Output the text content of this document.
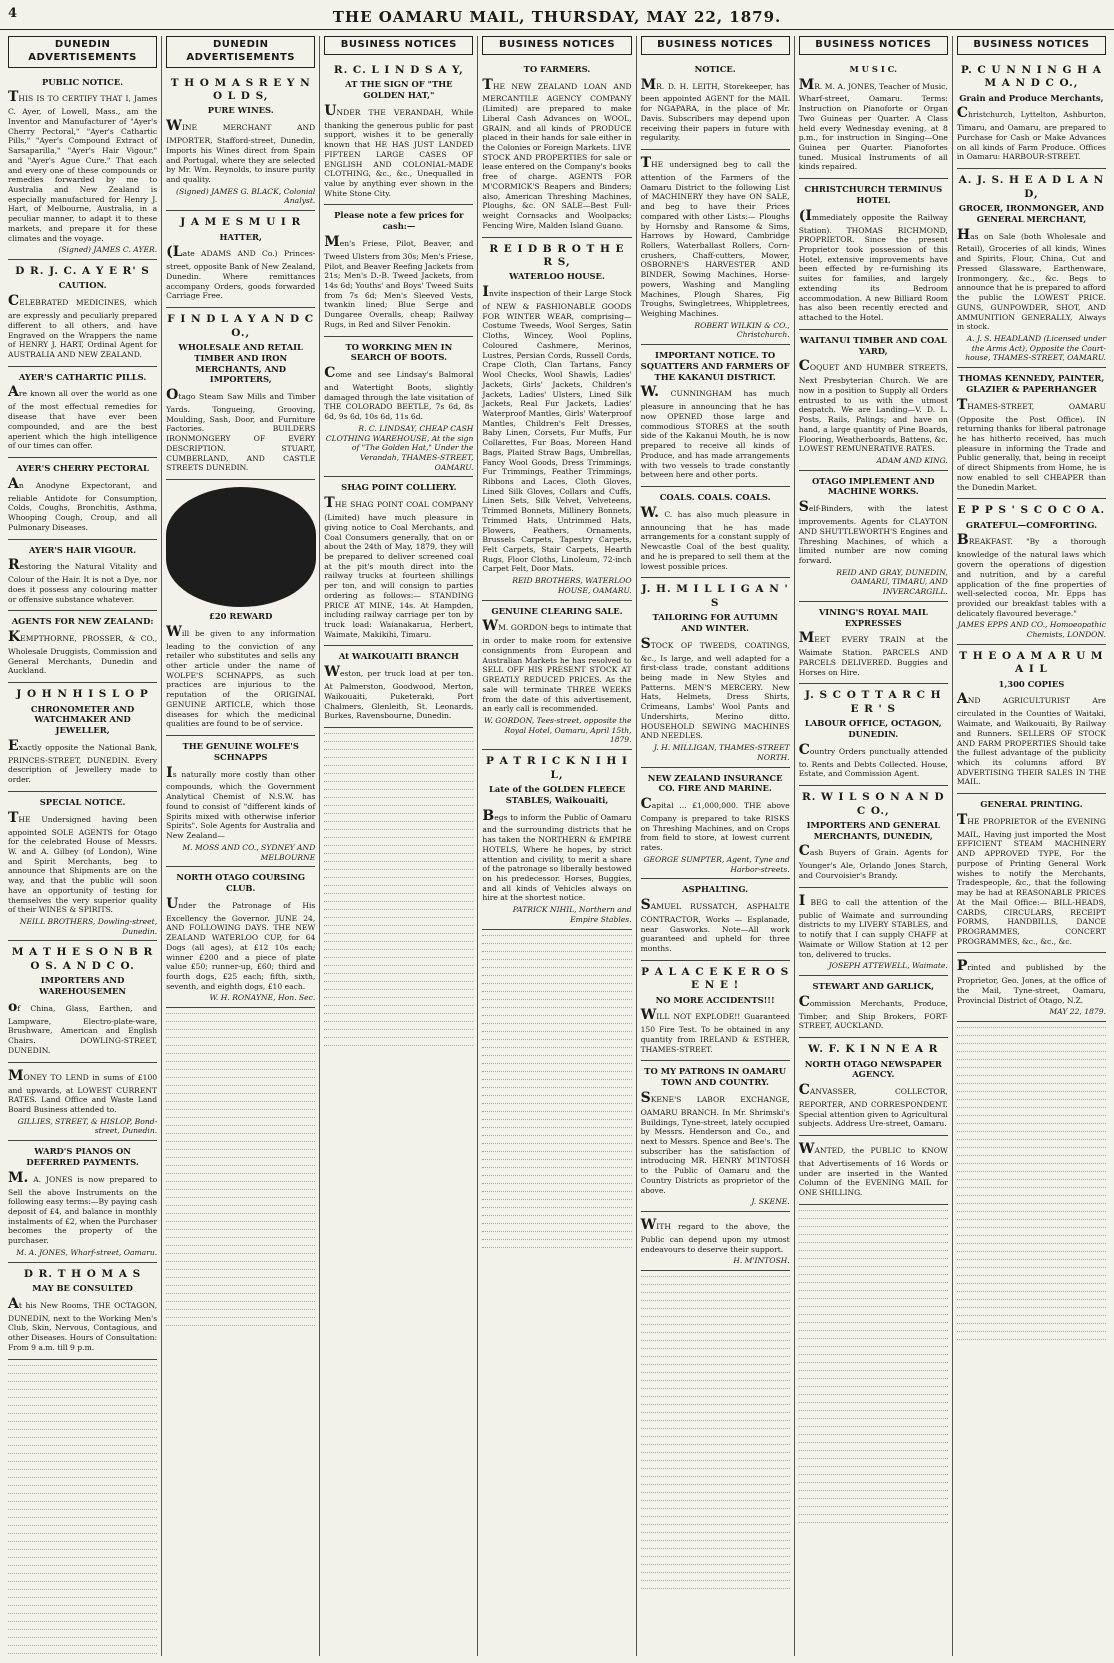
THE OAMARU MAIL, THURSDAY, MAY 22, 1879.
4
DUNEDIN ADVERTISEMENTS
PUBLIC NOTICE.

THIS IS TO CERTIFY THAT I, James C. Ayer, of Lowell, Mass., am the Inventor and Manufacturer of "Ayer's Cherry Pectoral," "Ayer's Cathartic Pills," "Ayer's Compound Extract of Sarsaparilla," "Ayer's Hair Vigour," and "Ayer's Ague Cure." That each and every one of these compounds or remedies forwarded by me to Australia and New Zealand is especially manufactured for Henry J. Hart, of Melbourne, Australia, in a peculiar manner, to adapt it to these markets, and prepare it for these climates and the voyage.

(Signed) JAMES C. AYER.
D R. J. C. A Y E R' S
CAUTION.

CELEBRATED MEDICINES, which are expressly and peculiarly prepared different to all others, and have Engraved on the Wrappers the name of HENRY J. HART, Ordinal Agent for AUSTRALIA AND NEW ZEALAND.

AYER'S CATHARTIC PILLS.

Are known all over the world as one of the most effectual remedies for disease that have ever been compounded, and are the best aperient which the high intelligence of our times can offer.

AYER'S CHERRY PECTORAL

An Anodyne Expectorant, and reliable Antidote for Consumption, Colds, Coughs, Bronchitis, Asthma, Whooping Cough, Croup, and all Pulmonary Diseases.

AYER'S HAIR VIGOUR.

Restoring the Natural Vitality and Colour of the Hair. It is not a Dye, nor does it possess any colouring matter or offensive substance whatever.

AGENTS FOR NEW ZEALAND:

KEMPTHORNE, PROSSER, & CO., Wholesale Druggists, Commission and General Merchants, Dunedin and Auckland.

J O H N H I S L O P
CHRONOMETER AND WATCHMAKER AND JEWELLER,

Exactly opposite the National Bank, PRINCES-STREET, DUNEDIN. Every description of Jewellery made to order.

SPECIAL NOTICE.

THE Undersigned having been appointed SOLE AGENTS for Otago for the celebrated House of Messrs. W. and A. Gilbey (of London), Wine and Spirit Merchants, beg to announce that Shipments are on the way, and that the public will soon have an opportunity of testing for themselves the very superior quality of their WINES & SPIRITS.

NEILL BROTHERS, Dowling-street, Dunedin.
M A T H E S O N B R O S. A N D C O.
IMPORTERS AND WAREHOUSEMEN

of China, Glass, Earthen, and Lampware, Electro-plate-ware, Brushware, American and English Chairs. DOWLING-STREET, DUNEDIN.

MONEY TO LEND in sums of £100 and upwards, at LOWEST CURRENT RATES. Land Office and Waste Land Board Business attended to.

GILLIES, STREET, & HISLOP, Bond-street, Dunedin.
WARD'S PIANOS ON DEFERRED PAYMENTS.

M. A. JONES is now prepared to Sell the above Instruments on the following easy terms:—By paying cash deposit of £4, and balance in monthly instalments of £2, when the Purchaser becomes the property of the purchaser.

M. A. JONES, Wharf-street, Oamaru.
D R. T H O M A S
MAY BE CONSULTED

At his New Rooms, THE OCTAGON, DUNEDIN, next to the Working Men's Club, Skin, Nervous, Contagious, and other Diseases. Hours of Consultation: From 9 a.m. till 9 p.m.

DUNEDIN ADVERTISEMENTS
T H O M A S R E Y N O L D S,
PURE WINES.

WINE MERCHANT AND IMPORTER, Stafford-street, Dunedin, Imports his Wines direct from Spain and Portugal, where they are selected by Mr. Wm. Reynolds, to insure purity and quality.

(Signed) JAMES G. BLACK, Colonial Analyst.
J A M E S M U I R
HATTER,

(Late ADAMS AND Co.) Princes-street, opposite Bank of New Zealand, Dunedin. Where remittances accompany Orders, goods forwarded Carriage Free.

F I N D L A Y A N D C O.,
WHOLESALE AND RETAIL TIMBER AND IRON MERCHANTS, AND IMPORTERS,

Otago Steam Saw Mills and Timber Yards. Tongueing, Grooving, Moulding, Sash, Door, and Furniture Factories. BUILDERS IRONMONGERY OF EVERY DESCRIPTION. STUART, CUMBERLAND, AND CASTLE STREETS DUNEDIN.

£20 REWARD

Will be given to any information leading to the conviction of any retailer who substitutes and sells any other article under the name of WOLFE'S SCHNAPPS, as such practices are injurious to the reputation of the ORIGINAL GENUINE ARTICLE, which those diseases for which the medicinal qualities are found to be of service.

THE GENUINE WOLFE'S SCHNAPPS

Is naturally more costly than other compounds, which the Government Analytical Chemist of N.S.W. has found to consist of "different kinds of Spirits mixed with otherwise inferior Spirits". Sole Agents for Australia and New Zealand—

M. MOSS AND CO., SYDNEY AND MELBOURNE
NORTH OTAGO COURSING CLUB.

Under the Patronage of His Excellency the Governor. JUNE 24, AND FOLLOWING DAYS. THE NEW ZEALAND WATERLOO CUP, for 64 Dogs (all ages), at £12 10s each; winner £200 and a piece of plate value £50; runner-up, £60; third and fourth dogs, £25 each; fifth, sixth, seventh, and eighth dogs, £10 each.

W. H. RONAYNE, Hon. Sec.
BUSINESS NOTICES
R. C. L I N D S A Y,
AT THE SIGN OF "THE GOLDEN HAT,"

UNDER THE VERANDAH, While thanking the generous public for past support, wishes it to be generally known that HE HAS JUST LANDED FIFTEEN LARGE CASES OF ENGLISH AND COLONIAL-MADE CLOTHING, &c., &c., Unequalled in value by anything ever shown in the White Stone City.

Please note a few prices for cash:—

Men's Friese, Pilot, Beaver, and Tweed Ulsters from 30s; Men's Friese, Pilot, and Beaver Reefing Jackets from 21s; Men's D.-B. Tweed Jackets, from 14s 6d; Youths' and Boys' Tweed Suits from 7s 6d; Men's Sleeved Vests, twankin lined; Blue Serge and Dungaree Overalls, cheap; Railway Rugs, in Red and Silver Fenokin.

TO WORKING MEN IN SEARCH OF BOOTS.

Come and see Lindsay's Balmoral and Watertight Boots, slightly damaged through the late visitation of THE COLORADO BEETLE, 7s 6d, 8s 6d, 9s 6d, 10s 6d, 11s 6d.

R. C. LINDSAY, CHEAP CASH CLOTHING WAREHOUSE, At the sign of "The Golden Hat," Under the Verandah, THAMES-STREET, OAMARU.
SHAG POINT COLLIERY.

THE SHAG POINT COAL COMPANY (Limited) have much pleasure in giving notice to Coal Merchants, and Coal Consumers generally, that on or about the 24th of May, 1879, they will be prepared to deliver screened coal at the pit's mouth direct into the railway trucks at fourteen shillings per ton, and will consign to parties ordering as follows:— STANDING PRICE AT MINE, 14s. At Hampden, including railway carriage per ton by truck load: Waianakarua, Herbert, Waimate, Makikihi, Timaru.

At WAIKOUAITI BRANCH

Weston, per truck load at per ton. At Palmerston, Goodwood, Merton, Waikouaiti, Puketeraki, Port Chalmers, Glenleith, St. Leonards, Burkes, Ravensbourne, Dunedin.

BUSINESS NOTICES
TO FARMERS.

THE NEW ZEALAND LOAN AND MERCANTILE AGENCY COMPANY (Limited) are prepared to make Liberal Cash Advances on WOOL, GRAIN, and all kinds of PRODUCE placed in their hands for sale either in the Colonies or Foreign Markets. LIVE STOCK AND PROPERTIES for sale or lease entered on the Company's books free of charge. AGENTS FOR M'CORMICK'S Reapers and Binders; also, American Threshing Machines, Ploughs, &c. ON SALE—Best Full-weight Cornsacks and Woolpacks; Fencing Wire, Malden Island Guano.

R E I D B R O T H E R S,
WATERLOO HOUSE.

Invite inspection of their Large Stock of NEW & FASHIONABLE GOODS FOR WINTER WEAR, comprising— Costume Tweeds, Wool Serges, Satin Cloths, Wincey, Wool Poplins, Coloured Cashmere, Merinos, Lustres, Persian Cords, Russell Cords, Crape Cloth, Clan Tartans, Fancy Wool Checks, Wool Shawls, Ladies' Jackets, Girls' Jackets, Children's Jackets, Ladies' Ulsters, Lined Silk Jackets, Real Fur Jackets, Ladies' Waterproof Mantles, Girls' Waterproof Mantles, Children's Felt Dresses, Baby Linen, Corsets, Fur Muffs, Fur Collarettes, Fur Boas, Moreen Hand Bags, Plaited Straw Bags, Umbrellas, Fancy Wool Goods, Dress Trimmings, Fur Trimmings, Feather Trimmings, Ribbons and Laces, Cloth Gloves, Lined Silk Gloves, Collars and Cuffs, Linen Sets, Silk Velvet, Velveteens, Trimmed Bonnets, Millinery Bonnets, Trimmed Hats, Untrimmed Hats, Flowers, Feathers, Ornaments, Brussels Carpets, Tapestry Carpets, Felt Carpets, Stair Carpets, Hearth Rugs, Floor Cloths, Linoleum, 72-inch Carpet Felt, Door Mats.

REID BROTHERS, WATERLOO HOUSE, OAMARU.
GENUINE CLEARING SALE.

WM. GORDON begs to intimate that in order to make room for extensive consignments from European and Australian Markets he has resolved to SELL OFF HIS PRESENT STOCK AT GREATLY REDUCED PRICES. As the sale will terminate THREE WEEKS from the date of this advertisement, an early call is recommended.

W. GORDON, Tees-street, opposite the Royal Hotel, Oamaru, April 15th, 1879.
P A T R I C K N I H I L,
Late of the GOLDEN FLEECE STABLES, Waikouaiti,

Begs to inform the Public of Oamaru and the surrounding districts that he has taken the NORTHERN & EMPIRE HOTELS, Where he hopes, by strict attention and civility, to merit a share of the patronage so liberally bestowed on his predecessor. Horses, Buggies, and all kinds of Vehicles always on hire at the shortest notice.

PATRICK NIHIL, Northern and Empire Stables.
BUSINESS NOTICES
NOTICE.

MR. D. H. LEITH, Storekeeper, has been appointed AGENT for the MAIL for NGAPARA, in the place of Mr. Davis. Subscribers may depend upon receiving their papers in future with regularity.

THE undersigned beg to call the attention of the Farmers of the Oamaru District to the following List of MACHINERY they have ON SALE, and beg to have their Prices compared with other Lists:— Ploughs by Hornsby and Ransome & Sims, Harrows by Howard, Cambridge Rollers, Waterballast Rollers, Corn-crushers, Chaff-cutters, Mower, OSBORNE'S HARVESTER AND BINDER, Sowing Machines, Horse-powers, Washing and Mangling Machines, Plough Shares, Fig Troughs, Swingletrees, Whippletrees, Weighing Machines.

ROBERT WILKIN & CO., Christchurch.
IMPORTANT NOTICE. TO SQUATTERS AND FARMERS OF THE KAKANUI DISTRICT.

W. CUNNINGHAM has much pleasure in announcing that he has now OPENED those large and commodious STORES at the south side of the Kakanui Mouth, he is now prepared to receive all kinds of Produce, and has made arrangements with two vessels to trade constantly between here and other ports.

COALS. COALS. COALS.

W. C. has also much pleasure in announcing that he has made arrangements for a constant supply of Newcastle Coal of the best quality, and he is prepared to sell them at the lowest possible prices.

J. H. M I L L I G A N ' S
TAILORING FOR AUTUMN AND WINTER.

STOCK OF TWEEDS, COATINGS, &c., Is large, and well adapted for a first-class trade, constant additions being made in New Styles and Patterns. MEN'S MERCERY. New Hats, Helmets, Dress Shirts, Crimeans, Lambs' Wool Pants and Undershirts, Merino ditto. HOUSEHOLD SEWING MACHINES AND NEEDLES.

J. H. MILLIGAN, THAMES-STREET NORTH.
NEW ZEALAND INSURANCE CO. FIRE AND MARINE.

Capital ... £1,000,000. THE above Company is prepared to take RISKS on Threshing Machines, and on Crops from field to store, at lowest current rates.

GEORGE SUMPTER, Agent, Tyne and Harbor-streets.
ASPHALTING.

SAMUEL RUSSATCH, ASPHALTE CONTRACTOR, Works — Esplanade, near Gasworks. Note—All work guaranteed and upheld for three months.

P A L A C E K E R O S E N E !
NO MORE ACCIDENTS!!!

WILL NOT EXPLODE!! Guaranteed 150 Fire Test. To be obtained in any quantity from IRELAND & ESTHER, THAMES-STREET.

TO MY PATRONS IN OAMARU TOWN AND COUNTRY.

SKENE'S LABOR EXCHANGE, OAMARU BRANCH. In Mr. Shrimski's Buildings, Tyne-street, lately occupied by Messrs. Henderson and Co., and next to Messrs. Spence and Bee's. The subscriber has the satisfaction of introducing MR. HENRY M'INTOSH to the Public of Oamaru and the Country Districts as proprietor of the above.

J. SKENE.

WITH regard to the above, the Public can depend upon my utmost endeavours to deserve their support.

H. M'INTOSH.
BUSINESS NOTICES
M U S I C.

MR. M. A. JONES, Teacher of Music, Wharf-street, Oamaru. Terms: Instruction on Pianoforte or Organ Two Guineas per Quarter. A Class held every Wednesday evening, at 8 p.m., for instruction in Singing—One Guinea per Quarter. Pianofortes tuned. Musical Instruments of all kinds repaired.

CHRISTCHURCH TERMINUS HOTEL

(Immediately opposite the Railway Station). THOMAS RICHMOND, PROPRIETOR. Since the present Proprietor took possession of this Hotel, extensive improvements have been effected by re-furnishing its suites for families, and largely extending its Bedroom accommodation. A new Billiard Room has also been recently erected and attached to the Hotel.

WAITANUI TIMBER AND COAL YARD,

COQUET AND HUMBER STREETS, Next Presbyterian Church. We are now in a position to Supply all Orders entrusted to us with the utmost despatch. We are Landing—V. D. L. Posts, Rails, Palings; and have on hand, a large quantity of Pine Boards, Flooring, Weatherboards, Battens, &c. LOWEST REMUNERATIVE RATES.

ADAM AND KING.
OTAGO IMPLEMENT AND MACHINE WORKS.

Self-Binders, with the latest improvements. Agents for CLAYTON AND SHUTTLEWORTH'S Engines and Threshing Machines, of which a limited number are now coming forward.

REID AND GRAY, DUNEDIN, OAMARU, TIMARU, AND INVERCARGILL.
VINING'S ROYAL MAIL EXPRESSES

MEET EVERY TRAIN at the Waimate Station. PARCELS AND PARCELS DELIVERED. Buggies and Horses on Hire.

J. S C O T T A R C H E R ' S
LABOUR OFFICE, OCTAGON, DUNEDIN.

Country Orders punctually attended to. Rents and Debts Collected. House, Estate, and Commission Agent.

R. W I L S O N A N D C O.,
IMPORTERS AND GENERAL MERCHANTS, DUNEDIN,

Cash Buyers of Grain. Agents for Younger's Ale, Orlando Jones Starch, and Courvoisier's Brandy.

I BEG to call the attention of the public of Waimate and surrounding districts to my LIVERY STABLES, and to notify that I can supply CHAFF at Waimate or Willow Station at 12 per ton, delivered to trucks.

JOSEPH ATTEWELL, Waimate.
STEWART AND GARLICK,

Commission Merchants, Produce, Timber, and Ship Brokers, FORT-STREET, AUCKLAND.

W. F. K I N N E A R
NORTH OTAGO NEWSPAPER AGENCY.

CANVASSER, COLLECTOR, REPORTER, AND CORRESPONDENT. Special attention given to Agricultural subjects. Address Ure-street, Oamaru.

WANTED, the PUBLIC to KNOW that Advertisements of 16 Words or under are inserted in the Wanted Column of the EVENING MAIL for ONE SHILLING.

BUSINESS NOTICES
P. C U N N I N G H A M A N D C O.,
Grain and Produce Merchants,

Christchurch, Lyttelton, Ashburton, Timaru, and Oamaru, are prepared to Purchase for Cash or Make Advances on all kinds of Farm Produce. Offices in Oamaru: HARBOUR-STREET.

A. J. S. H E A D L A N D,
GROCER, IRONMONGER, AND GENERAL MERCHANT,

Has on Sale (both Wholesale and Retail), Groceries of all kinds, Wines and Spirits, Flour, China, Cut and Pressed Glassware, Earthenware, Ironmongery, &c., &c. Begs to announce that he is prepared to afford the public the LOWEST PRICE. GUNS, GUNPOWDER, SHOT, AND AMMUNITION GENERALLY, Always in stock.

A. J. S. HEADLAND (Licensed under the Arms Act), Opposite the Court-house, THAMES-STREET, OAMARU.
THOMAS KENNEDY, PAINTER, GLAZIER & PAPERHANGER

THAMES-STREET, OAMARU (Opposite the Post Office). IN returning thanks for liberal patronage he has hitherto received, has much pleasure in informing the Trade and Public generally, that, being in receipt of direct Shipments from Home, he is now enabled to sell CHEAPER than the Dunedin Market.

E P P S ' S C O C O A.
GRATEFUL—COMFORTING.

BREAKFAST. "By a thorough knowledge of the natural laws which govern the operations of digestion and nutrition, and by a careful application of the fine properties of well-selected cocoa, Mr. Epps has provided our breakfast tables with a delicately flavoured beverage."

JAMES EPPS AND CO., Homoeopathic Chemists, LONDON.
T H E O A M A R U M A I L
1,300 COPIES

AND AGRICULTURIST Are circulated in the Counties of Waitaki, Waimate, and Waikouaiti, By Railway and Runners. SELLERS OF STOCK AND FARM PROPERTIES Should take the fullest advantage of the publicity which its columns afford BY ADVERTISING THEIR SALES IN THE MAIL.

GENERAL PRINTING.

THE PROPRIETOR of the EVENING MAIL, Having just imported the Most EFFICIENT STEAM MACHINERY AND APPROVED TYPE, For the purpose of Printing General Work wishes to notify the Merchants, Tradespeople, &c., that the following may be had at REASONABLE PRICES At the Mail Office:— BILL-HEADS, CARDS, CIRCULARS, RECEIPT FORMS, HANDBILLS, DANCE PROGRAMMES, CONCERT PROGRAMMES, &c., &c., &c.

Printed and published by the Proprietor, Geo. Jones, at the office of the Mail, Tyne-street, Oamaru, Provincial District of Otago, N.Z.

MAY 22, 1879.
